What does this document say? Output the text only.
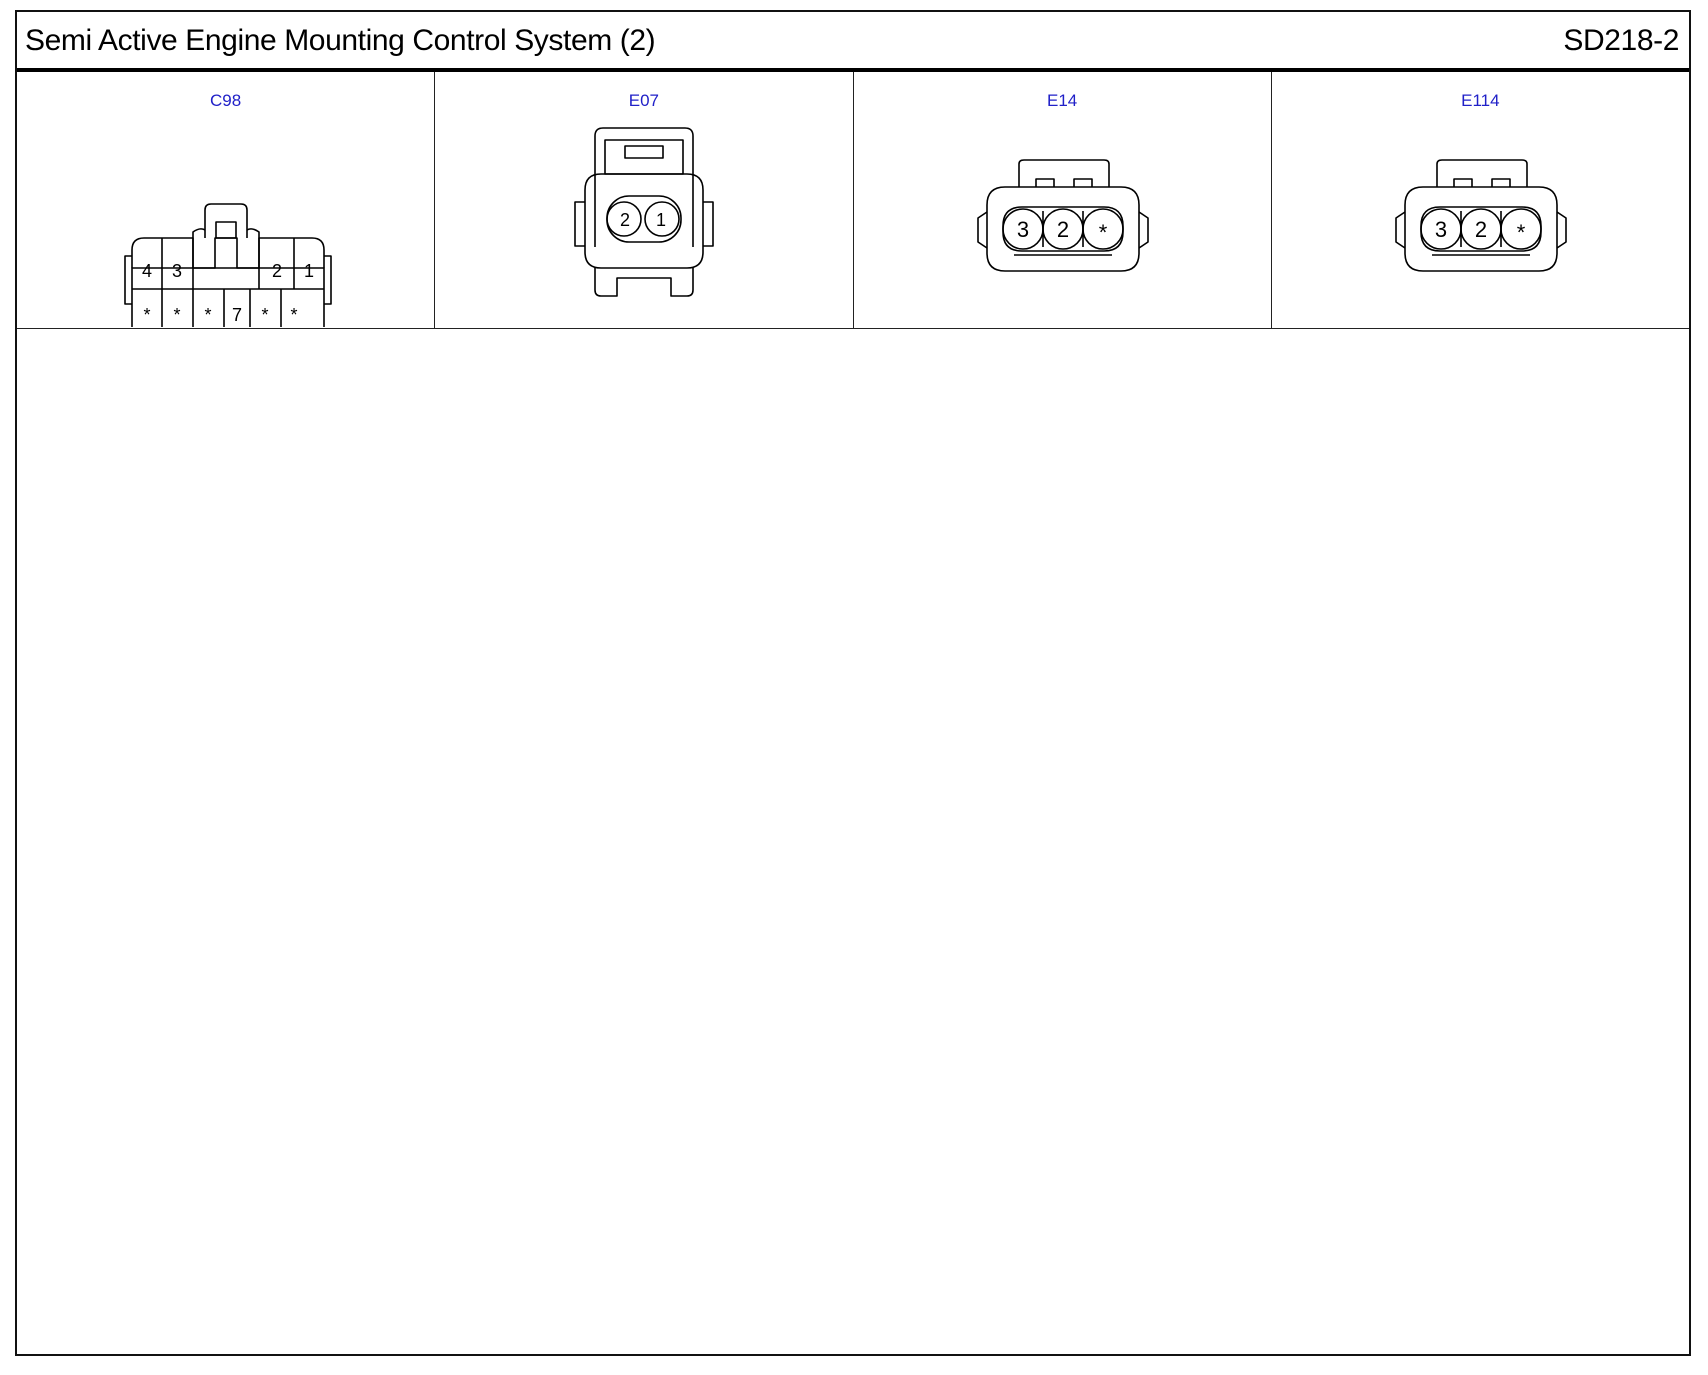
Semi Active Engine Mounting Control System (2)	SD218-2
C98
4 3	2 1
* * * 7 * *
E07
2 1
E14
3 2 *
E114
3 2 *
